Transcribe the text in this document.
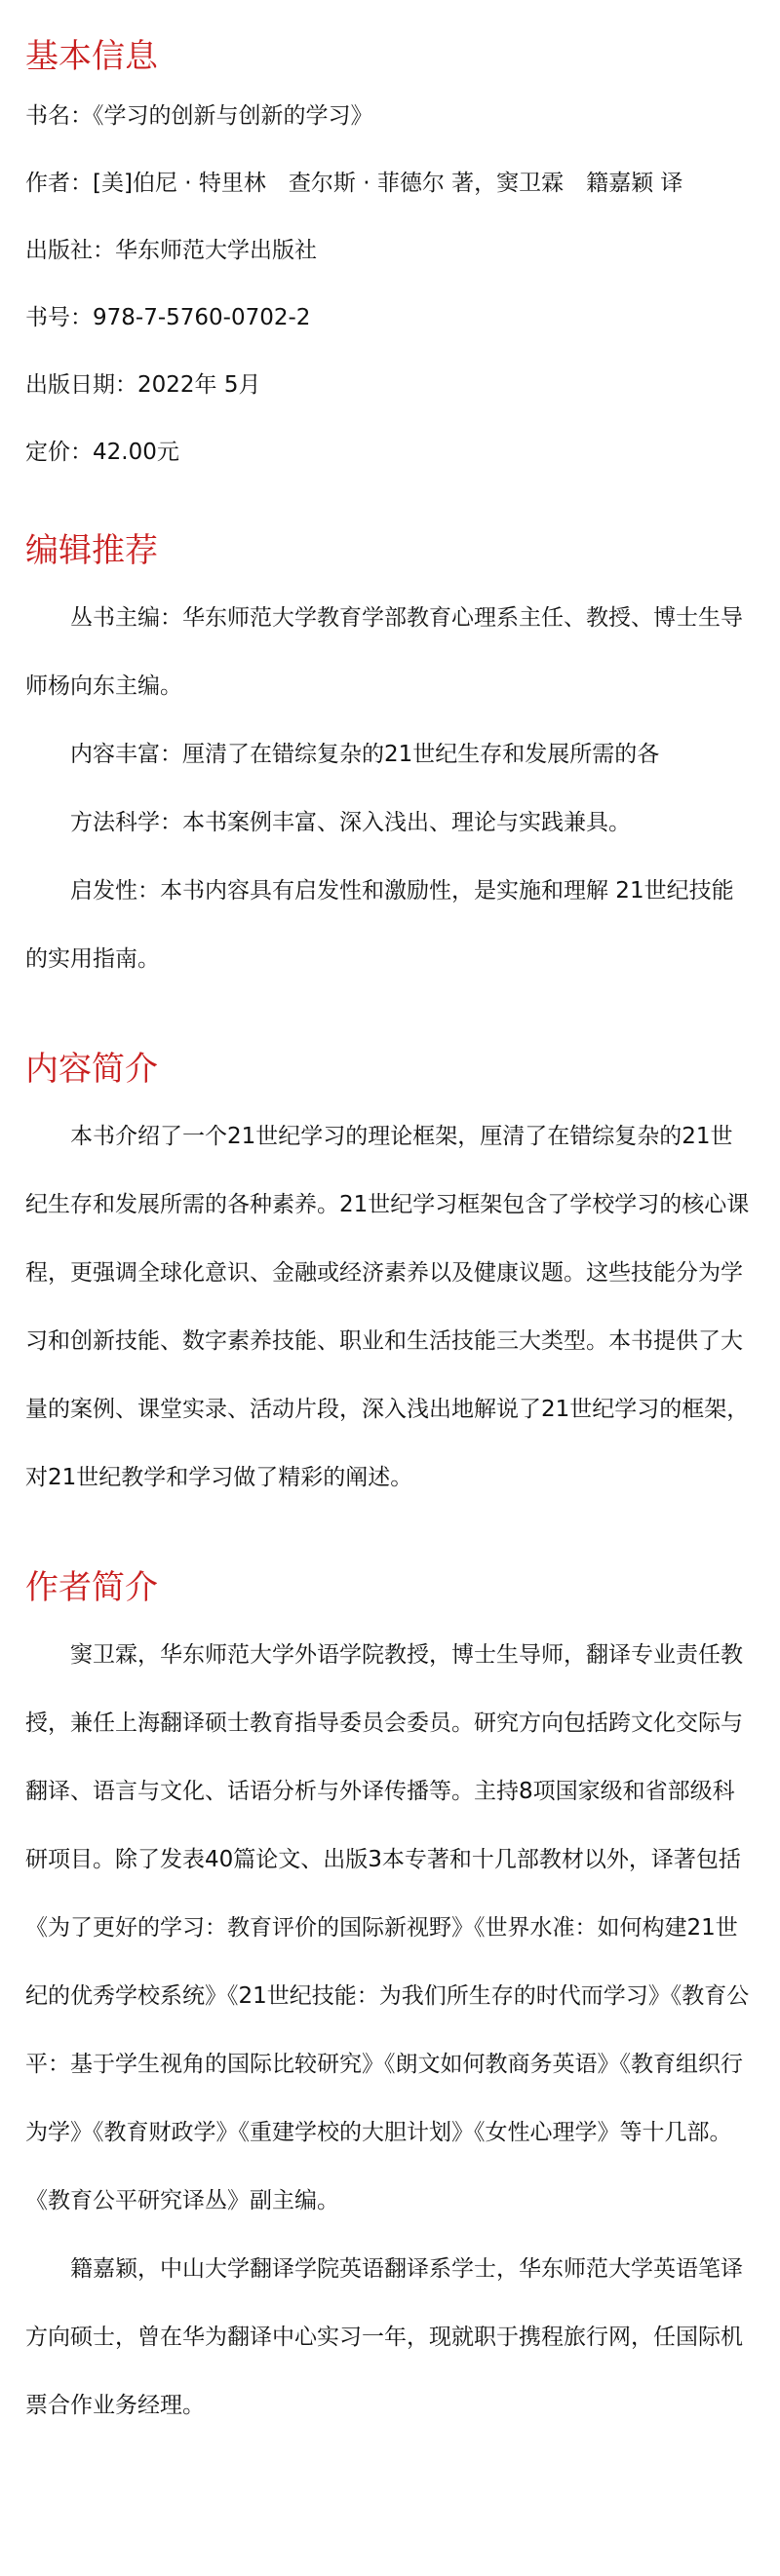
基本信息

书名：《学习的创新与创新的学习》

作者：[美]伯尼 · 特里林　查尔斯 · 菲德尔 著，窦卫霖　籍嘉颖 译

出版社：华东师范大学出版社

书号：978-7-5760-0702-2

出版日期：2022年 5月

定价：42.00元

编辑推荐

丛书主编：华东师范大学教育学部教育心理系主任、教授、博士生导师杨向东主编。

内容丰富：厘清了在错综复杂的21世纪生存和发展所需的各

方法科学：本书案例丰富、深入浅出、理论与实践兼具。

启发性：本书内容具有启发性和激励性，是实施和理解 21世纪技能的实用指南。

内容简介

本书介绍了一个21世纪学习的理论框架，厘清了在错综复杂的21世纪生存和发展所需的各种素养。21世纪学习框架包含了学校学习的核心课程，更强调全球化意识、金融或经济素养以及健康议题。这些技能分为学习和创新技能、数字素养技能、职业和生活技能三大类型。本书提供了大量的案例、课堂实录、活动片段，深入浅出地解说了21世纪学习的框架，对21世纪教学和学习做了精彩的阐述。

作者简介

窦卫霖，华东师范大学外语学院教授，博士生导师，翻译专业责任教授，兼任上海翻译硕士教育指导委员会委员。研究方向包括跨文化交际与翻译、语言与文化、话语分析与外译传播等。主持8项国家级和省部级科研项目。除了发表40篇论文、出版3本专著和十几部教材以外，译著包括《为了更好的学习：教育评价的国际新视野》《世界水准：如何构建21世纪的优秀学校系统》《21世纪技能：为我们所生存的时代而学习》《教育公平：基于学生视角的国际比较研究》《朗文如何教商务英语》《教育组织行为学》《教育财政学》《重建学校的大胆计划》《女性心理学》等十几部。《教育公平研究译丛》副主编。

籍嘉颖，中山大学翻译学院英语翻译系学士，华东师范大学英语笔译方向硕士，曾在华为翻译中心实习一年，现就职于携程旅行网，任国际机票合作业务经理。
